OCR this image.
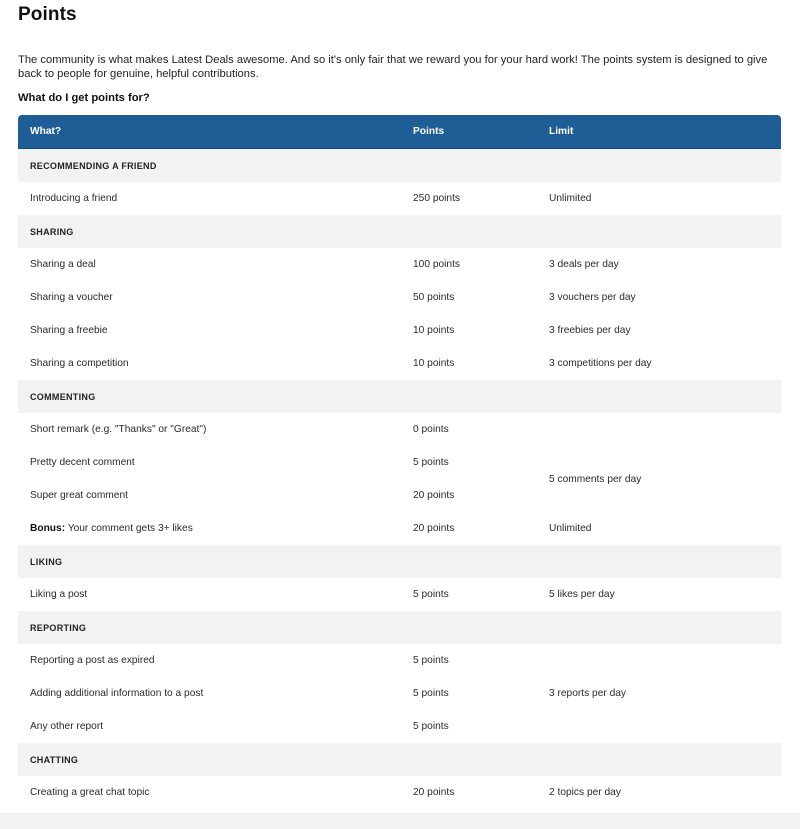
Points

The community is what makes Latest Deals awesome. And so it's only fair that we reward you for your hard work! The points system is designed to give back to people for genuine, helpful contributions.

What do I get points for?

What?	Points	Limit
RECOMMENDING A FRIEND		
Introducing a friend	250 points	Unlimited
SHARING		
Sharing a deal	100 points	3 deals per day
Sharing a voucher	50 points	3 vouchers per day
Sharing a freebie	10 points	3 freebies per day
Sharing a competition	10 points	3 competitions per day
COMMENTING		
Short remark (e.g. "Thanks" or "Great")	0 points	
Pretty decent comment	5 points	5 comments per day
Super great comment	20 points	
Bonus: Your comment gets 3+ likes	20 points	Unlimited
LIKING		
Liking a post	5 points	5 likes per day
REPORTING		
Reporting a post as expired	5 points	3 reports per day
Adding additional information to a post	5 points	
Any other report	5 points	
CHATTING		
Creating a great chat topic	20 points	2 topics per day
